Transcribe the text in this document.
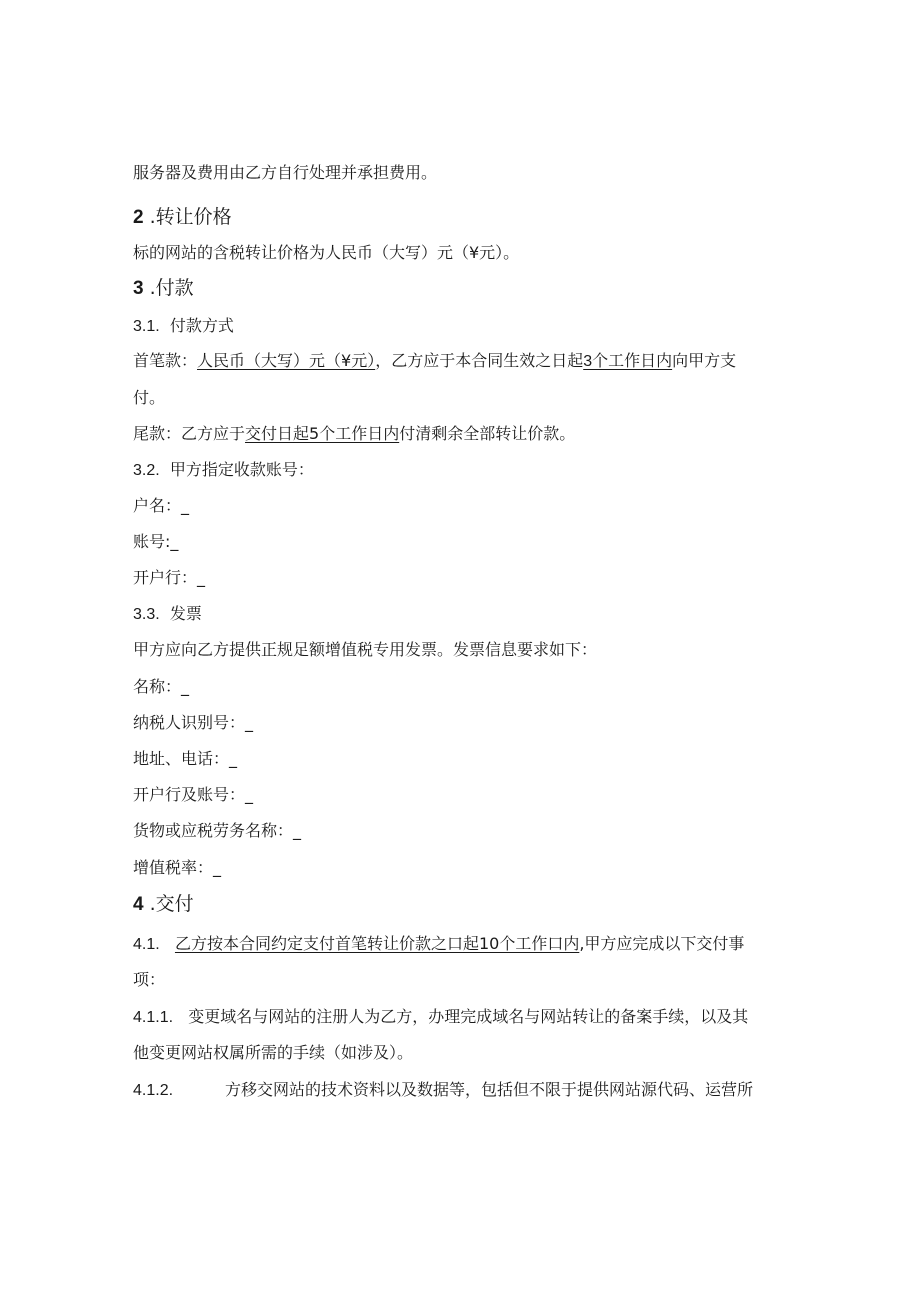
服务器及费用由乙方自行处理并承担费用。
2 .转让价格
标的网站的含税转让价格为人民币（大写）元（¥元）。
3 .付款
3.1. 付款方式
首笔款：人民币（大写）元（¥元），乙方应于本合同生效之日起3个工作日内向甲方支
付。
尾款：乙方应于交付日起5个工作日内付清剩余全部转让价款。
3.2. 甲方指定收款账号：
户名：_
账号:_
开户行：_
3.3. 发票
甲方应向乙方提供正规足额增值税专用发票。发票信息要求如下：
名称：_
纳税人识别号：_
地址、电话：_
开户行及账号：_
货物或应税劳务名称：_
增值税率：_
4 .交付
4.1. 乙方按本合同约定支付首笔转让价款之口起10个工作口内,甲方应完成以下交付事
项：
4.1.1. 变更域名与网站的注册人为乙方，办理完成域名与网站转让的备案手续，以及其
他变更网站权属所需的手续（如涉及）。
4.1.2.	方移交网站的技术资料以及数据等，包括但不限于提供网站源代码、运营所
